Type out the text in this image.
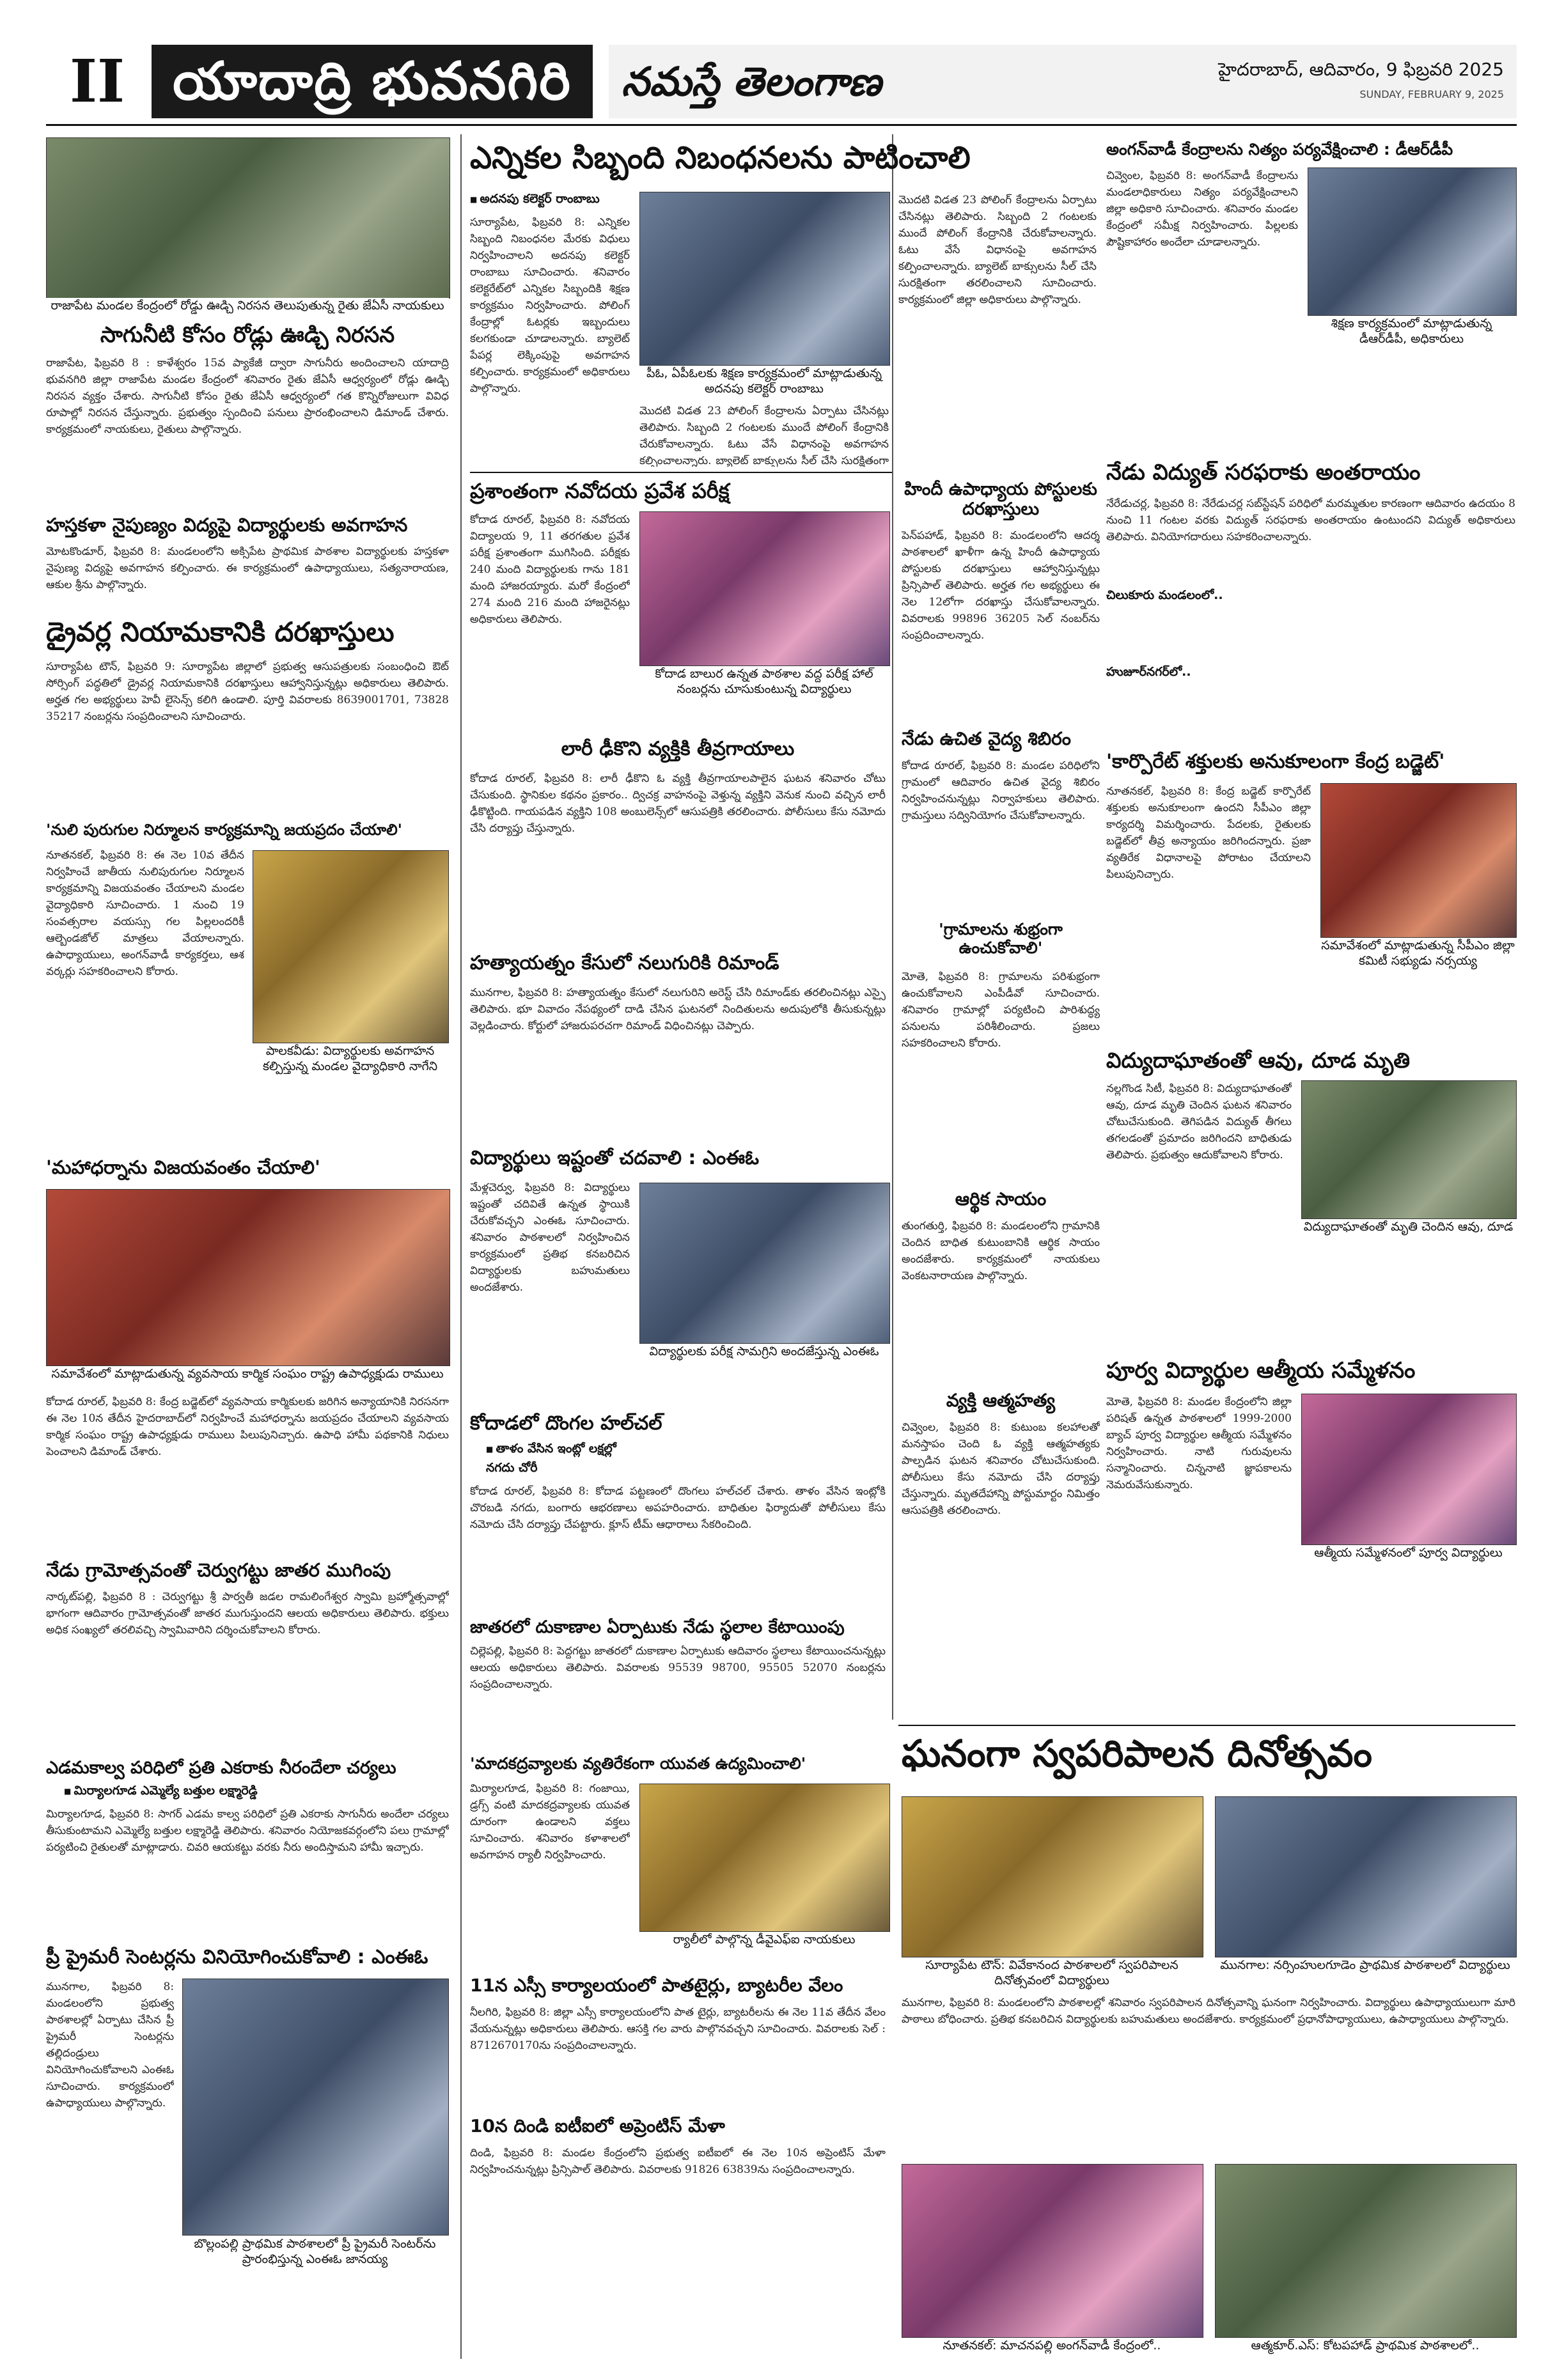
II యాదాద్రి భువనగిరి	నమస్తే తెలంగాణ	హైదరాబాద్, ఆదివారం, 9 ఫిబ్రవరి 2025
SUNDAY, FEBRUARY 9, 2025
రాజాపేట మండల కేంద్రంలో రోడ్డు ఊడ్చి నిరసన తెలుపుతున్న రైతు జేఏసీ నాయకులు
సాగునీటి కోసం రోడ్లు ఊడ్చి నిరసన
రాజాపేట, ఫిబ్రవరి 8 : కాళేశ్వరం 15వ ప్యాకేజీ ద్వారా సాగునీరు అందించాలని యాదాద్రి భువనగిరి జిల్లా రాజాపేట మండల కేంద్రంలో శనివారం రైతు జేఏసీ ఆధ్వర్యంలో రోడ్లు ఊడ్చి నిరసన వ్యక్తం చేశారు. సాగునీటి కోసం రైతు జేఏసీ ఆధ్వర్యంలో గత కొన్నిరోజులుగా వివిధ రూపాల్లో నిరసన చేస్తున్నారు. ప్రభుత్వం స్పందించి పనులు ప్రారంభించాలని డిమాండ్ చేశారు. కార్యక్రమంలో నాయకులు, రైతులు పాల్గొన్నారు.
హస్తకళా నైపుణ్యం విద్యపై విద్యార్థులకు అవగాహన
మోటకొండూర్, ఫిబ్రవరి 8: మండలంలోని అక్సిపేట ప్రాథమిక పాఠశాల విద్యార్థులకు హస్తకళా నైపుణ్య విద్యపై అవగాహన కల్పించారు. ఈ కార్యక్రమంలో ఉపాధ్యాయులు, సత్యనారాయణ, ఆకుల శ్రీను పాల్గొన్నారు.
డ్రైవర్ల నియామకానికి దరఖాస్తులు
సూర్యాపేట టౌన్, ఫిబ్రవరి 9: సూర్యాపేట జిల్లాలో ప్రభుత్వ ఆసుపత్రులకు సంబంధించి ఔట్ సోర్సింగ్ పద్ధతిలో డ్రైవర్ల నియామకానికి దరఖాస్తులు ఆహ్వానిస్తున్నట్లు అధికారులు తెలిపారు. అర్హత గల అభ్యర్థులు హెవీ లైసెన్స్ కలిగి ఉండాలి. పూర్తి వివరాలకు 8639001701, 73828 35217 నంబర్లను సంప్రదించాలని సూచించారు.
'నులి పురుగుల నిర్మూలన కార్యక్రమాన్ని జయప్రదం చేయాలి'
నూతనకల్, ఫిబ్రవరి 8: ఈ నెల 10వ తేదీన నిర్వహించే జాతీయ నులిపురుగుల నిర్మూలన కార్యక్రమాన్ని విజయవంతం చేయాలని మండల వైద్యాధికారి సూచించారు. 1 నుంచి 19 సంవత్సరాల వయస్సు గల పిల్లలందరికీ ఆల్బెండజోల్ మాత్రలు వేయాలన్నారు. ఉపాధ్యాయులు, అంగన్‌వాడీ కార్యకర్తలు, ఆశ వర్కర్లు సహకరించాలని కోరారు.
పాలకవీడు: విద్యార్థులకు అవగాహన కల్పిస్తున్న మండల వైద్యాధికారి నాగేని
'మహాధర్నాను విజయవంతం చేయాలి'
సమావేశంలో మాట్లాడుతున్న వ్యవసాయ కార్మిక సంఘం రాష్ట్ర ఉపాధ్యక్షుడు రాములు
కోదాడ రూరల్, ఫిబ్రవరి 8: కేంద్ర బడ్జెట్‌లో వ్యవసాయ కార్మికులకు జరిగిన అన్యాయానికి నిరసనగా ఈ నెల 10న తేదీన హైదరాబాద్‌లో నిర్వహించే మహాధర్నాను జయప్రదం చేయాలని వ్యవసాయ కార్మిక సంఘం రాష్ట్ర ఉపాధ్యక్షుడు రాములు పిలుపునిచ్చారు. ఉపాధి హామీ పథకానికి నిధులు పెంచాలని డిమాండ్ చేశారు.
నేడు గ్రామోత్సవంతో చెర్వుగట్టు జాతర ముగింపు
నార్కట్‌పల్లి, ఫిబ్రవరి 8 : చెర్వుగట్టు శ్రీ పార్వతీ జడల రామలింగేశ్వర స్వామి బ్రహ్మోత్సవాల్లో భాగంగా ఆదివారం గ్రామోత్సవంతో జాతర ముగుస్తుందని ఆలయ అధికారులు తెలిపారు. భక్తులు అధిక సంఖ్యలో తరలివచ్చి స్వామివారిని దర్శించుకోవాలని కోరారు.
ఎడమకాల్వ పరిధిలో ప్రతి ఎకరాకు నీరందేలా చర్యలు
■ మిర్యాలగూడ ఎమ్మెల్యే బత్తుల లక్ష్మారెడ్డి
మిర్యాలగూడ, ఫిబ్రవరి 8: సాగర్ ఎడమ కాల్వ పరిధిలో ప్రతి ఎకరాకు సాగునీరు అందేలా చర్యలు తీసుకుంటామని ఎమ్మెల్యే బత్తుల లక్ష్మారెడ్డి తెలిపారు. శనివారం నియోజకవర్గంలోని పలు గ్రామాల్లో పర్యటించి రైతులతో మాట్లాడారు. చివరి ఆయకట్టు వరకు నీరు అందిస్తామని హామీ ఇచ్చారు.
ప్రీ ప్రైమరీ సెంటర్లను వినియోగించుకోవాలి : ఎంఈఓ
మునగాల, ఫిబ్రవరి 8: మండలంలోని ప్రభుత్వ పాఠశాలల్లో ఏర్పాటు చేసిన ప్రీ ప్రైమరీ సెంటర్లను తల్లిదండ్రులు వినియోగించుకోవాలని ఎంఈఓ సూచించారు. కార్యక్రమంలో ఉపాధ్యాయులు పాల్గొన్నారు.
బొల్లంపల్లి ప్రాథమిక పాఠశాలలో ప్రీ ప్రైమరీ సెంటర్‌ను ప్రారంభిస్తున్న ఎంఈఓ జానయ్య
ఎన్నికల సిబ్బంది నిబంధనలను పాటించాలి
■ అదనపు కలెక్టర్ రాంబాబు
సూర్యాపేట, ఫిబ్రవరి 8: ఎన్నికల సిబ్బంది నిబంధనల మేరకు విధులు నిర్వహించాలని అదనపు కలెక్టర్ రాంబాబు సూచించారు. శనివారం కలెక్టరేట్‌లో ఎన్నికల సిబ్బందికి శిక్షణ కార్యక్రమం నిర్వహించారు. పోలింగ్ కేంద్రాల్లో ఓటర్లకు ఇబ్బందులు కలగకుండా చూడాలన్నారు. బ్యాలెట్ పేపర్ల లెక్కింపుపై అవగాహన కల్పించారు. కార్యక్రమంలో అధికారులు పాల్గొన్నారు.
పీఓ, ఏపీఓలకు శిక్షణ కార్యక్రమంలో మాట్లాడుతున్న అదనపు కలెక్టర్ రాంబాబు
మొదటి విడత 23 పోలింగ్ కేంద్రాలను ఏర్పాటు చేసినట్లు తెలిపారు. సిబ్బంది 2 గంటలకు ముందే పోలింగ్ కేంద్రానికి చేరుకోవాలన్నారు. ఓటు వేసే విధానంపై అవగాహన కల్పించాలన్నారు. బ్యాలెట్ బాక్సులను సీల్ చేసి సురక్షితంగా
మొదటి విడత 23 పోలింగ్ కేంద్రాలను ఏర్పాటు చేసినట్లు తెలిపారు. సిబ్బంది 2 గంటలకు ముందే పోలింగ్ కేంద్రానికి చేరుకోవాలన్నారు. ఓటు వేసే విధానంపై అవగాహన కల్పించాలన్నారు. బ్యాలెట్ బాక్సులను సీల్ చేసి సురక్షితంగా తరలించాలని సూచించారు. కార్యక్రమంలో జిల్లా అధికారులు పాల్గొన్నారు.
ప్రశాంతంగా నవోదయ ప్రవేశ పరీక్ష
కోదాడ రూరల్, ఫిబ్రవరి 8: నవోదయ విద్యాలయ 9, 11 తరగతుల ప్రవేశ పరీక్ష ప్రశాంతంగా ముగిసింది. పరీక్షకు 240 మంది విద్యార్థులకు గాను 181 మంది హాజరయ్యారు. మరో కేంద్రంలో 274 మంది 216 మంది హాజరైనట్లు అధికారులు తెలిపారు.
కోదాడ బాలుర ఉన్నత పాఠశాల వద్ద పరీక్ష హాల్ నంబర్లను చూసుకుంటున్న విద్యార్థులు
లారీ ఢీకొని వ్యక్తికి తీవ్రగాయాలు
కోదాడ రూరల్, ఫిబ్రవరి 8: లారీ ఢీకొని ఓ వ్యక్తి తీవ్రగాయాలపాలైన ఘటన శనివారం చోటు చేసుకుంది. స్థానికుల కథనం ప్రకారం.. ద్విచక్ర వాహనంపై వెళ్తున్న వ్యక్తిని వెనుక నుంచి వచ్చిన లారీ ఢీకొట్టింది. గాయపడిన వ్యక్తిని 108 అంబులెన్స్‌లో ఆసుపత్రికి తరలించారు. పోలీసులు కేసు నమోదు చేసి దర్యాప్తు చేస్తున్నారు.
హత్యాయత్నం కేసులో నలుగురికి రిమాండ్
మునగాల, ఫిబ్రవరి 8: హత్యాయత్నం కేసులో నలుగురిని అరెస్ట్ చేసి రిమాండ్‌కు తరలించినట్లు ఎస్సై తెలిపారు. భూ వివాదం నేపథ్యంలో దాడి చేసిన ఘటనలో నిందితులను అదుపులోకి తీసుకున్నట్లు వెల్లడించారు. కోర్టులో హాజరుపరచగా రిమాండ్ విధించినట్లు చెప్పారు.
విద్యార్థులు ఇష్టంతో చదవాలి : ఎంఈఓ
మేళ్లచెర్వు, ఫిబ్రవరి 8: విద్యార్థులు ఇష్టంతో చదివితే ఉన్నత స్థాయికి చేరుకోవచ్చని ఎంఈఓ సూచించారు. శనివారం పాఠశాలలో నిర్వహించిన కార్యక్రమంలో ప్రతిభ కనబరిచిన విద్యార్థులకు బహుమతులు అందజేశారు.
విద్యార్థులకు పరీక్ష సామగ్రిని అందజేస్తున్న ఎంఈఓ
కోదాడలో దొంగల హల్‌చల్
■ తాళం వేసిన ఇంట్లో లక్షల్లో
నగదు చోరీ
కోదాడ రూరల్, ఫిబ్రవరి 8: కోదాడ పట్టణంలో దొంగలు హల్‌చల్ చేశారు. తాళం వేసిన ఇంట్లోకి చొరబడి నగదు, బంగారు ఆభరణాలు అపహరించారు. బాధితుల ఫిర్యాదుతో పోలీసులు కేసు నమోదు చేసి దర్యాప్తు చేపట్టారు. క్లూస్ టీమ్ ఆధారాలు సేకరించింది.
జాతరలో దుకాణాల ఏర్పాటుకు నేడు స్థలాల కేటాయింపు
చిల్లెపల్లి, ఫిబ్రవరి 8: పెద్దగట్టు జాతరలో దుకాణాల ఏర్పాటుకు ఆదివారం స్థలాలు కేటాయించనున్నట్లు ఆలయ అధికారులు తెలిపారు. వివరాలకు 95539 98700, 95505 52070 నంబర్లను సంప్రదించాలన్నారు.
'మాదకద్రవ్యాలకు వ్యతిరేకంగా యువత ఉద్యమించాలి'
మిర్యాలగూడ, ఫిబ్రవరి 8: గంజాయి, డ్రగ్స్ వంటి మాదకద్రవ్యాలకు యువత దూరంగా ఉండాలని వక్తలు సూచించారు. శనివారం కళాశాలలో అవగాహన ర్యాలీ నిర్వహించారు.
ర్యాలీలో పాల్గొన్న డీవైఎఫ్ఐ నాయకులు
11న ఎస్సీ కార్యాలయంలో పాతటైర్లు, బ్యాటరీల వేలం
నీలగిరి, ఫిబ్రవరి 8: జిల్లా ఎస్సీ కార్యాలయంలోని పాత టైర్లు, బ్యాటరీలను ఈ నెల 11వ తేదీన వేలం వేయనున్నట్లు అధికారులు తెలిపారు. ఆసక్తి గల వారు పాల్గొనవచ్చని సూచించారు. వివరాలకు సెల్ : 8712670170ను సంప్రదించాలన్నారు.
10న దిండి ఐటీఐలో అప్రెంటిస్ మేళా
దిండి, ఫిబ్రవరి 8: మండల కేంద్రంలోని ప్రభుత్వ ఐటీఐలో ఈ నెల 10న అప్రెంటిస్ మేళా నిర్వహించనున్నట్లు ప్రిన్సిపాల్ తెలిపారు. వివరాలకు 91826 63839ను సంప్రదించాలన్నారు.
హిందీ ఉపాధ్యాయ పోస్టులకు దరఖాస్తులు
పెన్‌పహాడ్, ఫిబ్రవరి 8: మండలంలోని ఆదర్శ పాఠశాలలో ఖాళీగా ఉన్న హిందీ ఉపాధ్యాయ పోస్టులకు దరఖాస్తులు ఆహ్వానిస్తున్నట్లు ప్రిన్సిపాల్ తెలిపారు. అర్హత గల అభ్యర్థులు ఈ నెల 12లోగా దరఖాస్తు చేసుకోవాలన్నారు. వివరాలకు 99896 36205 సెల్ నంబర్‌ను సంప్రదించాలన్నారు.
నేడు ఉచిత వైద్య శిబిరం
కోదాడ రూరల్, ఫిబ్రవరి 8: మండల పరిధిలోని గ్రామంలో ఆదివారం ఉచిత వైద్య శిబిరం నిర్వహించనున్నట్లు నిర్వాహకులు తెలిపారు. గ్రామస్తులు సద్వినియోగం చేసుకోవాలన్నారు.
'గ్రామాలను శుభ్రంగా ఉంచుకోవాలి'
మోతె, ఫిబ్రవరి 8: గ్రామాలను పరిశుభ్రంగా ఉంచుకోవాలని ఎంపీడీవో సూచించారు. శనివారం గ్రామాల్లో పర్యటించి పారిశుద్ధ్య పనులను పరిశీలించారు. ప్రజలు సహకరించాలని కోరారు.
ఆర్థిక సాయం
తుంగతుర్తి, ఫిబ్రవరి 8: మండలంలోని గ్రామానికి చెందిన బాధిత కుటుంబానికి ఆర్థిక సాయం అందజేశారు. కార్యక్రమంలో నాయకులు వెంకటనారాయణ పాల్గొన్నారు.
వ్యక్తి ఆత్మహత్య
చివ్వెంల, ఫిబ్రవరి 8: కుటుంబ కలహాలతో మనస్తాపం చెంది ఓ వ్యక్తి ఆత్మహత్యకు పాల్పడిన ఘటన శనివారం చోటుచేసుకుంది. పోలీసులు కేసు నమోదు చేసి దర్యాప్తు చేస్తున్నారు. మృతదేహాన్ని పోస్టుమార్టం నిమిత్తం ఆసుపత్రికి తరలించారు.
అంగన్‌వాడీ కేంద్రాలను నిత్యం పర్యవేక్షించాలి : డీఆర్‌డీపీ
చివ్వెంల, ఫిబ్రవరి 8: అంగన్‌వాడీ కేంద్రాలను మండలాధికారులు నిత్యం పర్యవేక్షించాలని జిల్లా అధికారి సూచించారు. శనివారం మండల కేంద్రంలో సమీక్ష నిర్వహించారు. పిల్లలకు పౌష్టికాహారం అందేలా చూడాలన్నారు.
శిక్షణ కార్యక్రమంలో మాట్లాడుతున్న డీఆర్‌డీపీ, అధికారులు
నేడు విద్యుత్ సరఫరాకు అంతరాయం
నేరేడుచర్ల, ఫిబ్రవరి 8: నేరేడుచర్ల సబ్‌స్టేషన్ పరిధిలో మరమ్మతుల కారణంగా ఆదివారం ఉదయం 8 నుంచి 11 గంటల వరకు విద్యుత్ సరఫరాకు అంతరాయం ఉంటుందని విద్యుత్ అధికారులు తెలిపారు. వినియోగదారులు సహకరించాలన్నారు.
చిలుకూరు మండలంలో..
హుజూర్‌నగర్‌లో..
'కార్పొరేట్ శక్తులకు అనుకూలంగా కేంద్ర బడ్జెట్'
నూతనకల్, ఫిబ్రవరి 8: కేంద్ర బడ్జెట్ కార్పొరేట్ శక్తులకు అనుకూలంగా ఉందని సీపీఎం జిల్లా కార్యదర్శి విమర్శించారు. పేదలకు, రైతులకు బడ్జెట్‌లో తీవ్ర అన్యాయం జరిగిందన్నారు. ప్రజా వ్యతిరేక విధానాలపై పోరాటం చేయాలని పిలుపునిచ్చారు.
సమావేశంలో మాట్లాడుతున్న సీపీఎం జిల్లా కమిటీ సభ్యుడు నర్సయ్య
విద్యుదాఘాతంతో ఆవు, దూడ మృతి
నల్లగొండ సిటీ, ఫిబ్రవరి 8: విద్యుదాఘాతంతో ఆవు, దూడ మృతి చెందిన ఘటన శనివారం చోటుచేసుకుంది. తెగిపడిన విద్యుత్ తీగలు తగలడంతో ప్రమాదం జరిగిందని బాధితుడు తెలిపారు. ప్రభుత్వం ఆదుకోవాలని కోరారు.
విద్యుదాఘాతంతో మృతి చెందిన ఆవు, దూడ
పూర్వ విద్యార్థుల ఆత్మీయ సమ్మేళనం
మోతె, ఫిబ్రవరి 8: మండల కేంద్రంలోని జిల్లా పరిషత్ ఉన్నత పాఠశాలలో 1999-2000 బ్యాచ్ పూర్వ విద్యార్థుల ఆత్మీయ సమ్మేళనం నిర్వహించారు. నాటి గురువులను సన్మానించారు. చిన్ననాటి జ్ఞాపకాలను నెమరువేసుకున్నారు.
ఆత్మీయ సమ్మేళనంలో పూర్వ విద్యార్థులు
ఘనంగా స్వపరిపాలన దినోత్సవం
సూర్యాపేట టౌన్: వివేకానంద పాఠశాలలో స్వపరిపాలన దినోత్సవంలో విద్యార్థులు
మునగాల: నర్సింహులగూడెం ప్రాథమిక పాఠశాలలో విద్యార్థులు
మునగాల, ఫిబ్రవరి 8: మండలంలోని పాఠశాలల్లో శనివారం స్వపరిపాలన దినోత్సవాన్ని ఘనంగా నిర్వహించారు. విద్యార్థులు ఉపాధ్యాయులుగా మారి పాఠాలు బోధించారు. ప్రతిభ కనబరిచిన విద్యార్థులకు బహుమతులు అందజేశారు. కార్యక్రమంలో ప్రధానోపాధ్యాయులు, ఉపాధ్యాయులు పాల్గొన్నారు.
నూతనకల్: మాచనపల్లి అంగన్‌వాడీ కేంద్రంలో..	ఆత్మకూర్.ఎస్: కోటపహాడ్ ప్రాథమిక పాఠశాలలో..
